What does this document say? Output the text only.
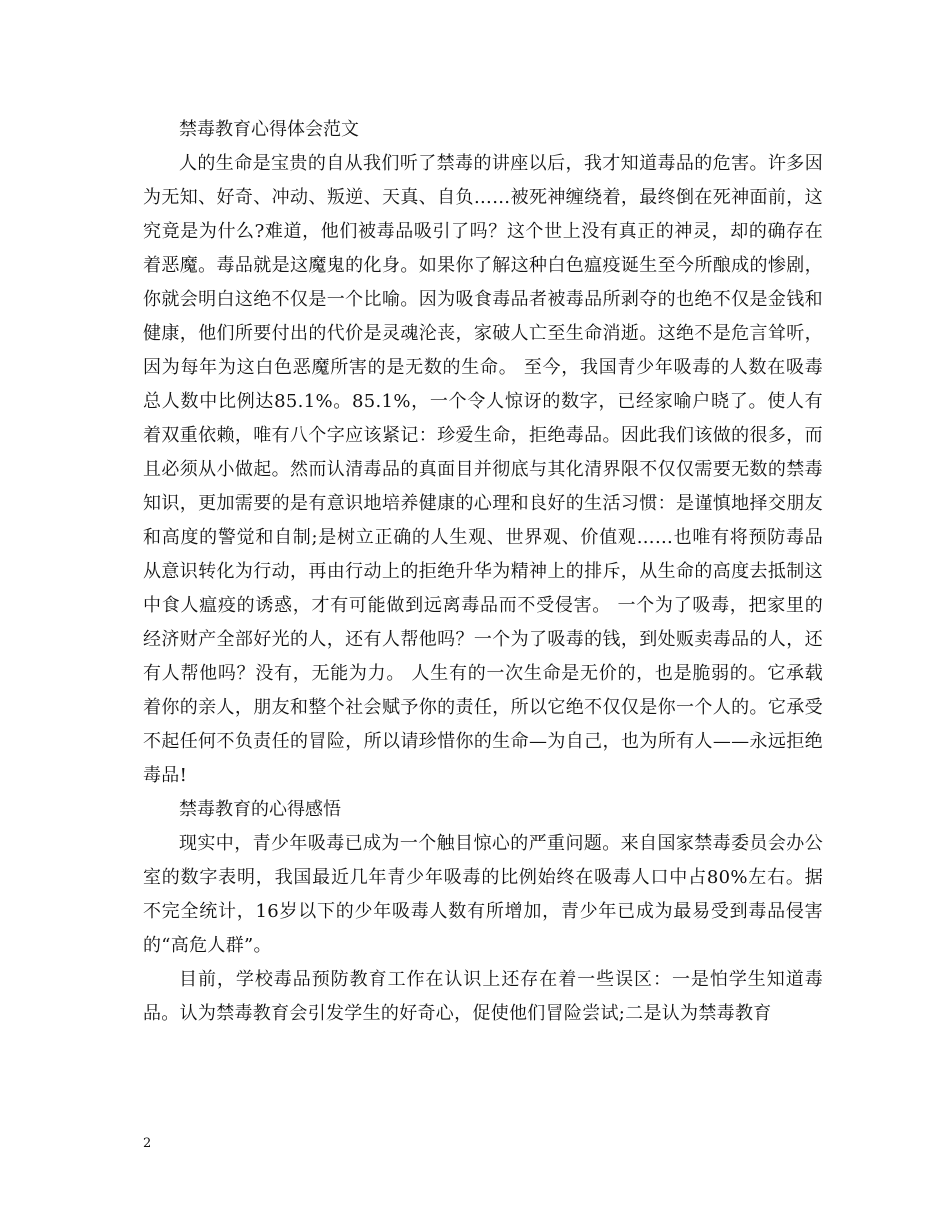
禁毒教育心得体会范文

人的生命是宝贵的自从我们听了禁毒的讲座以后，我才知道毒品的危害。许多因为无知、好奇、冲动、叛逆、天真、自负……被死神缠绕着，最终倒在死神面前，这究竟是为什么?难道，他们被毒品吸引了吗？这个世上没有真正的神灵，却的确存在着恶魔。毒品就是这魔鬼的化身。如果你了解这种白色瘟疫诞生至今所酿成的惨剧，你就会明白这绝不仅是一个比喻。因为吸食毒品者被毒品所剥夺的也绝不仅是金钱和健康，他们所要付出的代价是灵魂沦丧，家破人亡至生命消逝。这绝不是危言耸听，因为每年为这白色恶魔所害的是无数的生命。 至今，我国青少年吸毒的人数在吸毒总人数中比例达85.1%。85.1%，一个令人惊讶的数字，已经家喻户晓了。使人有着双重依赖，唯有八个字应该紧记：珍爱生命，拒绝毒品。因此我们该做的很多，而且必须从小做起。然而认清毒品的真面目并彻底与其化清界限不仅仅需要无数的禁毒知识，更加需要的是有意识地培养健康的心理和良好的生活习惯：是谨慎地择交朋友和高度的警觉和自制;是树立正确的人生观、世界观、价值观……也唯有将预防毒品从意识转化为行动，再由行动上的拒绝升华为精神上的排斥，从生命的高度去抵制这中食人瘟疫的诱惑，才有可能做到远离毒品而不受侵害。 一个为了吸毒，把家里的经济财产全部好光的人，还有人帮他吗？一个为了吸毒的钱，到处贩卖毒品的人，还有人帮他吗？没有，无能为力。 人生有的一次生命是无价的，也是脆弱的。它承载着你的亲人，朋友和整个社会赋予你的责任，所以它绝不仅仅是你一个人的。它承受不起任何不负责任的冒险，所以请珍惜你的生命—为自己，也为所有人——永远拒绝毒品!

禁毒教育的心得感悟

现实中，青少年吸毒已成为一个触目惊心的严重问题。来自国家禁毒委员会办公室的数字表明，我国最近几年青少年吸毒的比例始终在吸毒人口中占80%左右。据不完全统计，16岁以下的少年吸毒人数有所增加，青少年已成为最易受到毒品侵害的“高危人群”。

目前，学校毒品预防教育工作在认识上还存在着一些误区：一是怕学生知道毒品。认为禁毒教育会引发学生的好奇心，促使他们冒险尝试;二是认为禁毒教育

2
